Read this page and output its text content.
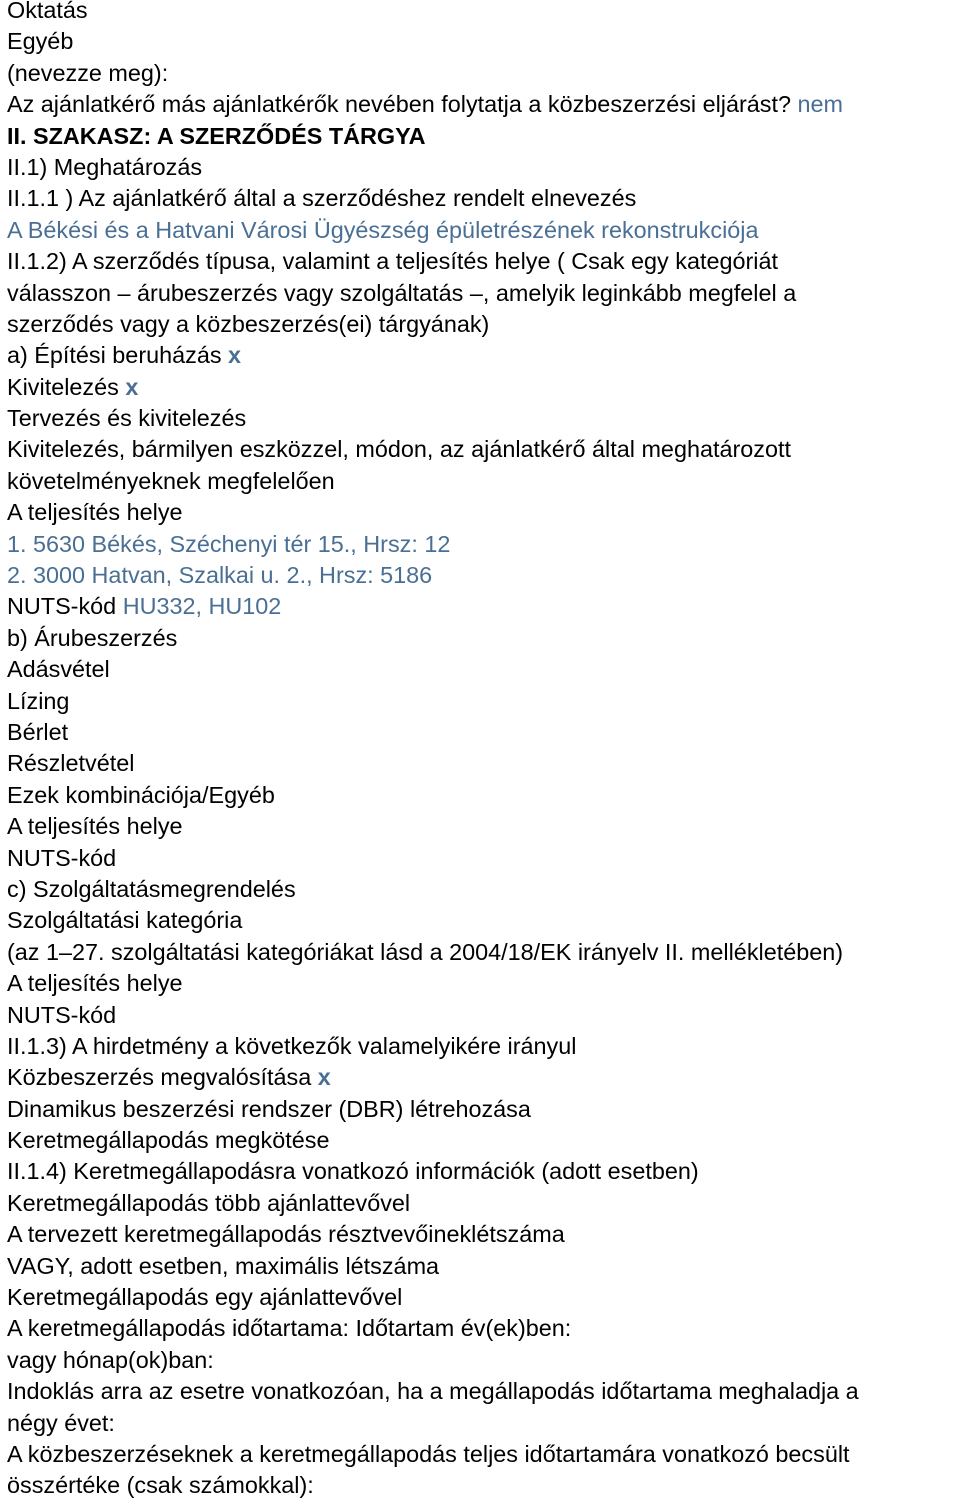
Oktatás
Egyéb
(nevezze meg):
Az ajánlatkérő más ajánlatkérők nevében folytatja a közbeszerzési eljárást? nem
II. SZAKASZ: A SZERZŐDÉS TÁRGYA
II.1) Meghatározás
II.1.1 ) Az ajánlatkérő által a szerződéshez rendelt elnevezés
A Békési és a Hatvani Városi Ügyészség épületrészének rekonstrukciója
II.1.2) A szerződés típusa, valamint a teljesítés helye ( Csak egy kategóriát
válasszon – árubeszerzés vagy szolgáltatás –, amelyik leginkább megfelel a
szerződés vagy a közbeszerzés(ei) tárgyának)
a) Építési beruházás x
Kivitelezés x
Tervezés és kivitelezés
Kivitelezés, bármilyen eszközzel, módon, az ajánlatkérő által meghatározott
követelményeknek megfelelően
A teljesítés helye
1. 5630 Békés, Széchenyi tér 15., Hrsz: 12
2. 3000 Hatvan, Szalkai u. 2., Hrsz: 5186
NUTS-kód HU332, HU102
b) Árubeszerzés
Adásvétel
Lízing
Bérlet
Részletvétel
Ezek kombinációja/Egyéb
A teljesítés helye
NUTS-kód
c) Szolgáltatásmegrendelés
Szolgáltatási kategória
(az 1–27. szolgáltatási kategóriákat lásd a 2004/18/EK irányelv II. mellékletében)
A teljesítés helye
NUTS-kód
II.1.3) A hirdetmény a következők valamelyikére irányul
Közbeszerzés megvalósítása x
Dinamikus beszerzési rendszer (DBR) létrehozása
Keretmegállapodás megkötése
II.1.4) Keretmegállapodásra vonatkozó információk (adott esetben)
Keretmegállapodás több ajánlattevővel
A tervezett keretmegállapodás résztvevőineklétszáma
VAGY, adott esetben, maximális létszáma
Keretmegállapodás egy ajánlattevővel
A keretmegállapodás időtartama: Időtartam év(ek)ben:
vagy hónap(ok)ban:
Indoklás arra az esetre vonatkozóan, ha a megállapodás időtartama meghaladja a
négy évet:
A közbeszerzéseknek a keretmegállapodás teljes időtartamára vonatkozó becsült
összértéke (csak számokkal):
